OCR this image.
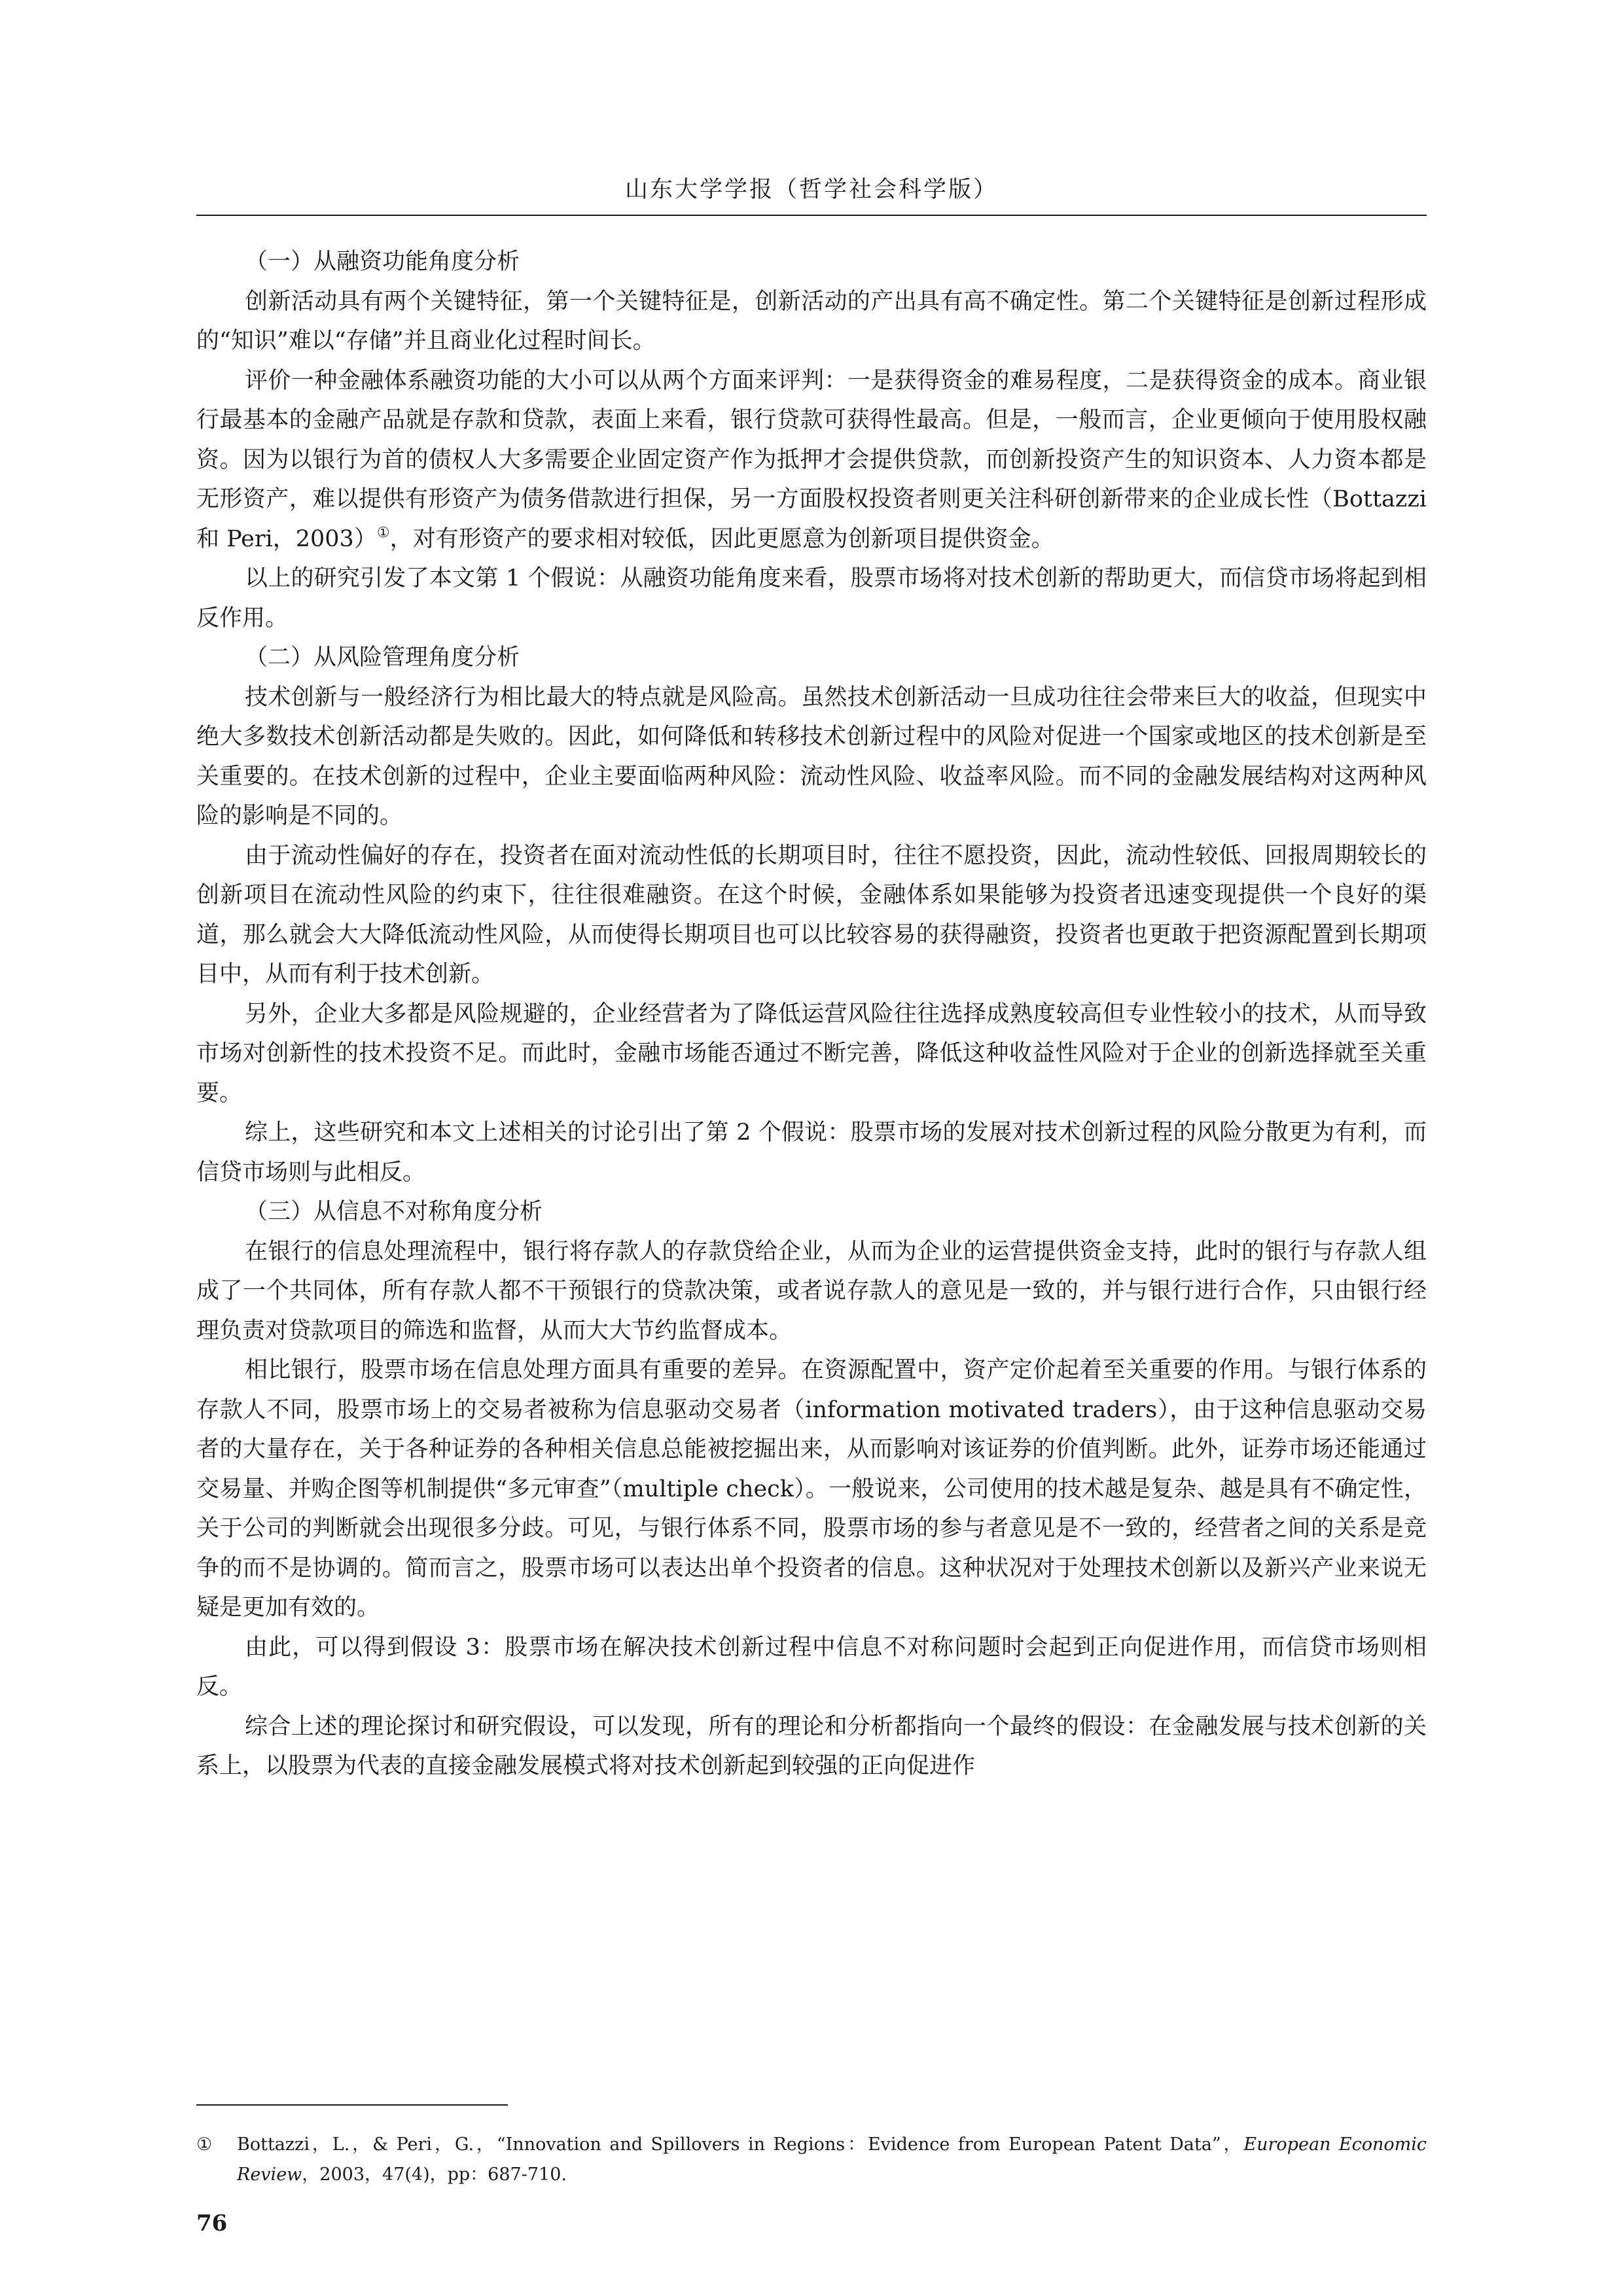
山东大学学报（哲学社会科学版）
（一）从融资功能角度分析

创新活动具有两个关键特征，第一个关键特征是，创新活动的产出具有高不确定性。第二个关键特征是创新过程形成的“知识”难以“存储”并且商业化过程时间长。

评价一种金融体系融资功能的大小可以从两个方面来评判：一是获得资金的难易程度，二是获得资金的成本。商业银行最基本的金融产品就是存款和贷款，表面上来看，银行贷款可获得性最高。但是，一般而言，企业更倾向于使用股权融资。因为以银行为首的债权人大多需要企业固定资产作为抵押才会提供贷款，而创新投资产生的知识资本、人力资本都是无形资产，难以提供有形资产为债务借款进行担保，另一方面股权投资者则更关注科研创新带来的企业成长性（Bottazzi 和 Peri，2003）①，对有形资产的要求相对较低，因此更愿意为创新项目提供资金。

以上的研究引发了本文第 1 个假说：从融资功能角度来看，股票市场将对技术创新的帮助更大，而信贷市场将起到相反作用。

（二）从风险管理角度分析

技术创新与一般经济行为相比最大的特点就是风险高。虽然技术创新活动一旦成功往往会带来巨大的收益，但现实中绝大多数技术创新活动都是失败的。因此，如何降低和转移技术创新过程中的风险对促进一个国家或地区的技术创新是至关重要的。在技术创新的过程中，企业主要面临两种风险：流动性风险、收益率风险。而不同的金融发展结构对这两种风险的影响是不同的。

由于流动性偏好的存在，投资者在面对流动性低的长期项目时，往往不愿投资，因此，流动性较低、回报周期较长的创新项目在流动性风险的约束下，往往很难融资。在这个时候，金融体系如果能够为投资者迅速变现提供一个良好的渠道，那么就会大大降低流动性风险，从而使得长期项目也可以比较容易的获得融资，投资者也更敢于把资源配置到长期项目中，从而有利于技术创新。

另外，企业大多都是风险规避的，企业经营者为了降低运营风险往往选择成熟度较高但专业性较小的技术，从而导致市场对创新性的技术投资不足。而此时，金融市场能否通过不断完善，降低这种收益性风险对于企业的创新选择就至关重要。

综上，这些研究和本文上述相关的讨论引出了第 2 个假说：股票市场的发展对技术创新过程的风险分散更为有利，而信贷市场则与此相反。

（三）从信息不对称角度分析

在银行的信息处理流程中，银行将存款人的存款贷给企业，从而为企业的运营提供资金支持，此时的银行与存款人组成了一个共同体，所有存款人都不干预银行的贷款决策，或者说存款人的意见是一致的，并与银行进行合作，只由银行经理负责对贷款项目的筛选和监督，从而大大节约监督成本。

相比银行，股票市场在信息处理方面具有重要的差异。在资源配置中，资产定价起着至关重要的作用。与银行体系的存款人不同，股票市场上的交易者被称为信息驱动交易者（information motivated traders），由于这种信息驱动交易者的大量存在，关于各种证券的各种相关信息总能被挖掘出来，从而影响对该证券的价值判断。此外，证券市场还能通过交易量、并购企图等机制提供“多元审查”（multiple check）。一般说来，公司使用的技术越是复杂、越是具有不确定性，关于公司的判断就会出现很多分歧。可见，与银行体系不同，股票市场的参与者意见是不一致的，经营者之间的关系是竞争的而不是协调的。简而言之，股票市场可以表达出单个投资者的信息。这种状况对于处理技术创新以及新兴产业来说无疑是更加有效的。

由此，可以得到假设 3：股票市场在解决技术创新过程中信息不对称问题时会起到正向促进作用，而信贷市场则相反。

综合上述的理论探讨和研究假设，可以发现，所有的理论和分析都指向一个最终的假设：在金融发展与技术创新的关系上，以股票为代表的直接金融发展模式将对技术创新起到较强的正向促进作

①	Bottazzi，L.，& Peri，G.，“Innovation and Spillovers in Regions：Evidence from European Patent Data”，European Economic Review，2003，47(4)，pp：687-710.
76
